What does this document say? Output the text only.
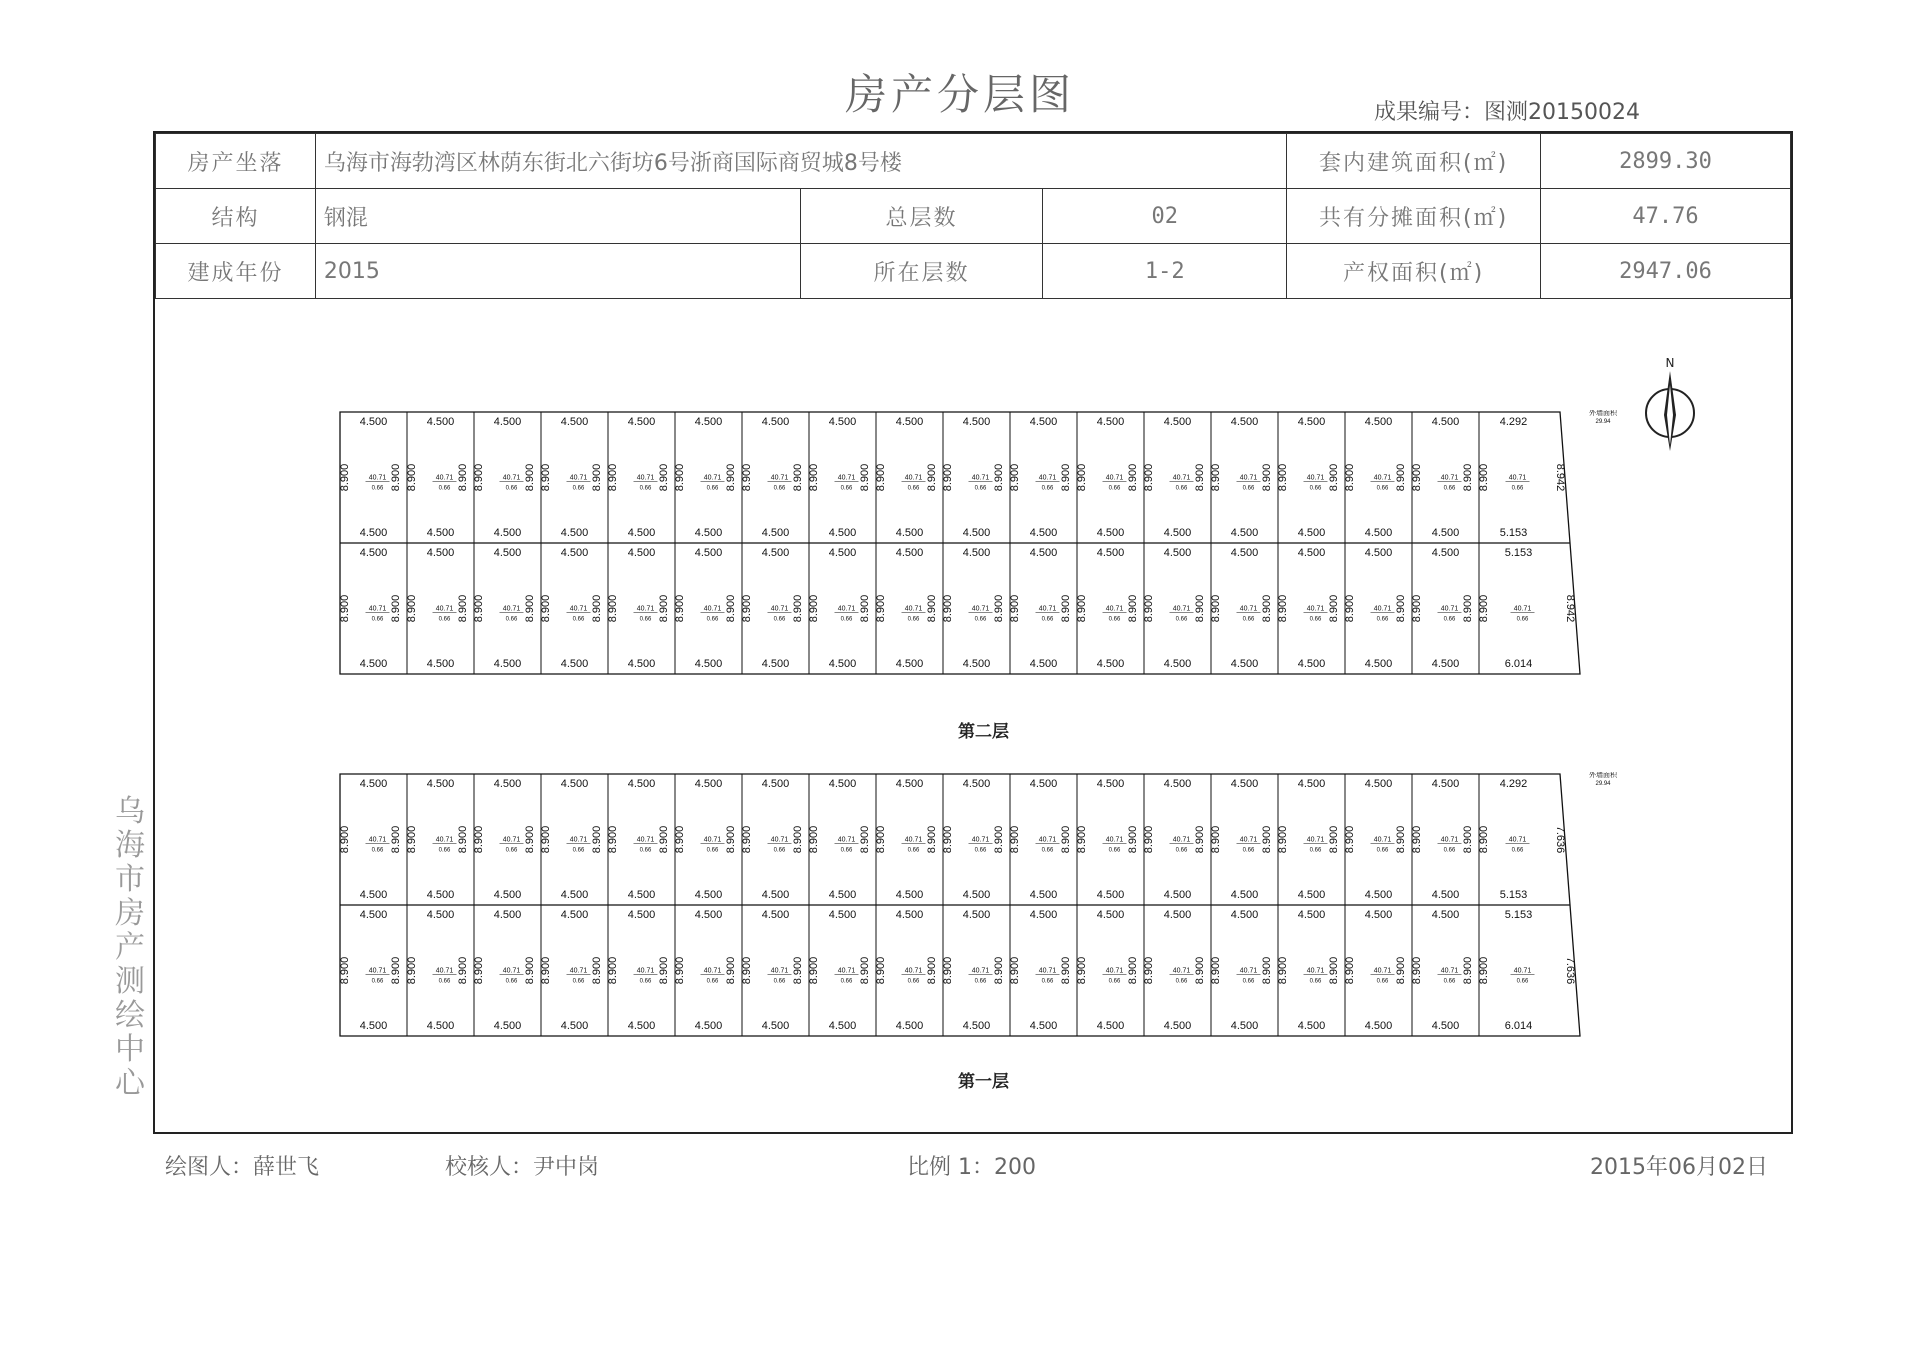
房产分层图	成果编号：图测20150024
房产坐落	乌海市海勃湾区林荫东街北六街坊6号浙商国际商贸城8号楼			套内建筑面积(㎡)	2899.30
结构	钢混	总层数	02	共有分摊面积(㎡)	47.76
建成年份	2015	所在层数	1-2	产权面积(㎡)	2947.06
N
4.500
4.500
8.900	8.900
40.71
0.66
4.500
4.500
8.900	8.900
40.71
0.66
4.500
4.500
8.900	8.900
40.71
0.66
4.500
4.500
8.900	8.900
40.71
0.66
4.500
4.500
8.900	8.900
40.71
0.66
4.500
4.500
8.900	8.900
40.71
0.66
4.500
4.500
8.900	8.900
40.71
0.66
4.500
4.500
8.900	8.900
40.71
0.66
4.500
4.500
8.900	8.900
40.71
0.66
4.500
4.500
8.900	8.900
40.71
0.66
4.500
4.500
8.900	8.900
40.71
0.66
4.500
4.500
8.900	8.900
40.71
0.66
4.500
4.500
8.900	8.900
40.71
0.66
4.500
4.500
8.900	8.900
40.71
0.66
4.500
4.500
8.900	8.900
40.71
0.66
4.500
4.500
8.900	8.900
40.71
0.66
4.500
4.500
8.900	8.900
40.71
0.66
4.292
5.153
8.900	8.942
40.71
0.66
4.500
4.500
8.900	8.900
40.71
0.66
4.500
4.500
8.900	8.900
40.71
0.66
4.500
4.500
8.900	8.900
40.71
0.66
4.500
4.500
8.900	8.900
40.71
0.66
4.500
4.500
8.900	8.900
40.71
0.66
4.500
4.500
8.900	8.900
40.71
0.66
4.500
4.500
8.900	8.900
40.71
0.66
4.500
4.500
8.900	8.900
40.71
0.66
4.500
4.500
8.900	8.900
40.71
0.66
4.500
4.500
8.900	8.900
40.71
0.66
4.500
4.500
8.900	8.900
40.71
0.66
4.500
4.500
8.900	8.900
40.71
0.66
4.500
4.500
8.900	8.900
40.71
0.66
4.500
4.500
8.900	8.900
40.71
0.66
4.500
4.500
8.900	8.900
40.71
0.66
4.500
4.500
8.900	8.900
40.71
0.66
4.500
4.500
8.900	8.900
40.71
0.66
5.153
6.014
8.900	8.942
40.71
0.66
外墙面积
29.94
第二层
4.500
4.500
8.900	8.900
40.71
0.66
4.500
4.500
8.900	8.900
40.71
0.66
4.500
4.500
8.900	8.900
40.71
0.66
4.500
4.500
8.900	8.900
40.71
0.66
4.500
4.500
8.900	8.900
40.71
0.66
4.500
4.500
8.900	8.900
40.71
0.66
4.500
4.500
8.900	8.900
40.71
0.66
4.500
4.500
8.900	8.900
40.71
0.66
4.500
4.500
8.900	8.900
40.71
0.66
4.500
4.500
8.900	8.900
40.71
0.66
4.500
4.500
8.900	8.900
40.71
0.66
4.500
4.500
8.900	8.900
40.71
0.66
4.500
4.500
8.900	8.900
40.71
0.66
4.500
4.500
8.900	8.900
40.71
0.66
4.500
4.500
8.900	8.900
40.71
0.66
4.500
4.500
8.900	8.900
40.71
0.66
4.500
4.500
8.900	8.900
40.71
0.66
4.292
5.153
8.900	7.636
40.71
0.66
4.500
4.500
8.900	8.900
40.71
0.66
4.500
4.500
8.900	8.900
40.71
0.66
4.500
4.500
8.900	8.900
40.71
0.66
4.500
4.500
8.900	8.900
40.71
0.66
4.500
4.500
8.900	8.900
40.71
0.66
4.500
4.500
8.900	8.900
40.71
0.66
4.500
4.500
8.900	8.900
40.71
0.66
4.500
4.500
8.900	8.900
40.71
0.66
4.500
4.500
8.900	8.900
40.71
0.66
4.500
4.500
8.900	8.900
40.71
0.66
4.500
4.500
8.900	8.900
40.71
0.66
4.500
4.500
8.900	8.900
40.71
0.66
4.500
4.500
8.900	8.900
40.71
0.66
4.500
4.500
8.900	8.900
40.71
0.66
4.500
4.500
8.900	8.900
40.71
0.66
4.500
4.500
8.900	8.900
40.71
0.66
4.500
4.500
8.900	8.900
40.71
0.66
5.153
6.014
8.900	7.636
40.71
0.66
外墙面积
29.94
第一层
乌
海
市
房
产
测
绘
中
心
绘图人：薛世飞	校核人：尹中岗	比例 1：200	2015年06月02日
